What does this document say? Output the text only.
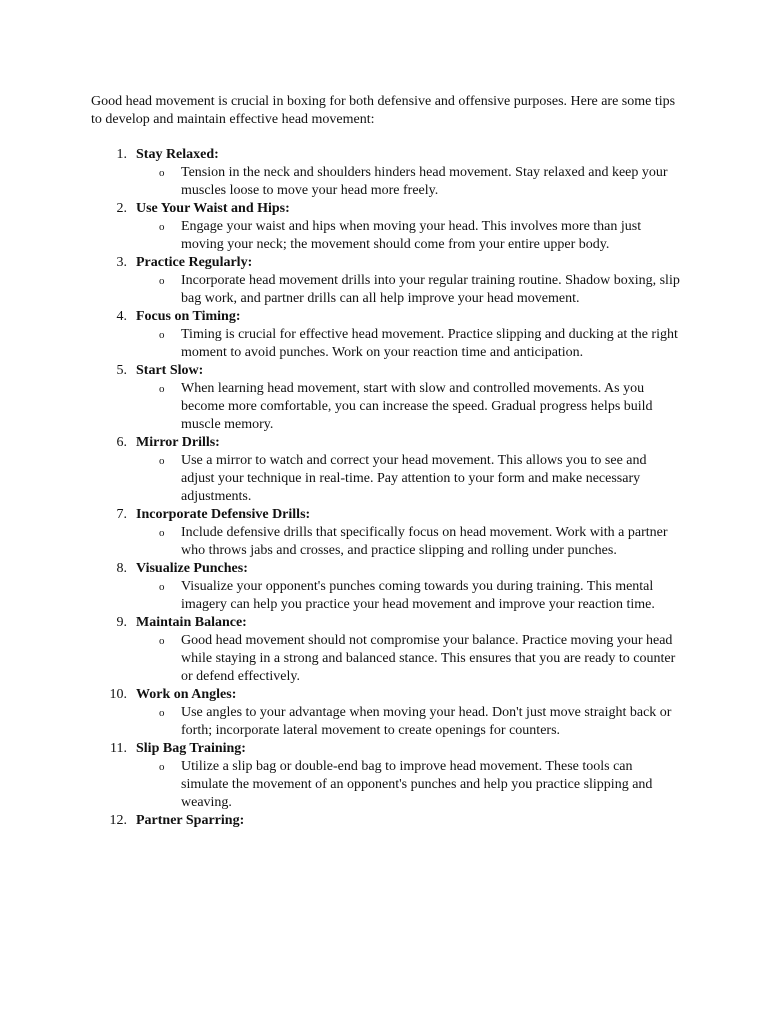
Good head movement is crucial in boxing for both defensive and offensive purposes. Here are some tips to develop and maintain effective head movement:

1. Stay Relaxed:
o Tension in the neck and shoulders hinders head movement. Stay relaxed and keep your muscles loose to move your head more freely.
2. Use Your Waist and Hips:
o Engage your waist and hips when moving your head. This involves more than just moving your neck; the movement should come from your entire upper body.
3. Practice Regularly:
o Incorporate head movement drills into your regular training routine. Shadow boxing, slip bag work, and partner drills can all help improve your head movement.
4. Focus on Timing:
o Timing is crucial for effective head movement. Practice slipping and ducking at the right moment to avoid punches. Work on your reaction time and anticipation.
5. Start Slow:
o When learning head movement, start with slow and controlled movements. As you become more comfortable, you can increase the speed. Gradual progress helps build muscle memory.
6. Mirror Drills:
o Use a mirror to watch and correct your head movement. This allows you to see and adjust your technique in real-time. Pay attention to your form and make necessary adjustments.
7. Incorporate Defensive Drills:
o Include defensive drills that specifically focus on head movement. Work with a partner who throws jabs and crosses, and practice slipping and rolling under punches.
8. Visualize Punches:
o Visualize your opponent's punches coming towards you during training. This mental imagery can help you practice your head movement and improve your reaction time.
9. Maintain Balance:
o Good head movement should not compromise your balance. Practice moving your head while staying in a strong and balanced stance. This ensures that you are ready to counter or defend effectively.
10. Work on Angles:
o Use angles to your advantage when moving your head. Don't just move straight back or forth; incorporate lateral movement to create openings for counters.
11. Slip Bag Training:
o Utilize a slip bag or double-end bag to improve head movement. These tools can simulate the movement of an opponent's punches and help you practice slipping and weaving.
12. Partner Sparring:
